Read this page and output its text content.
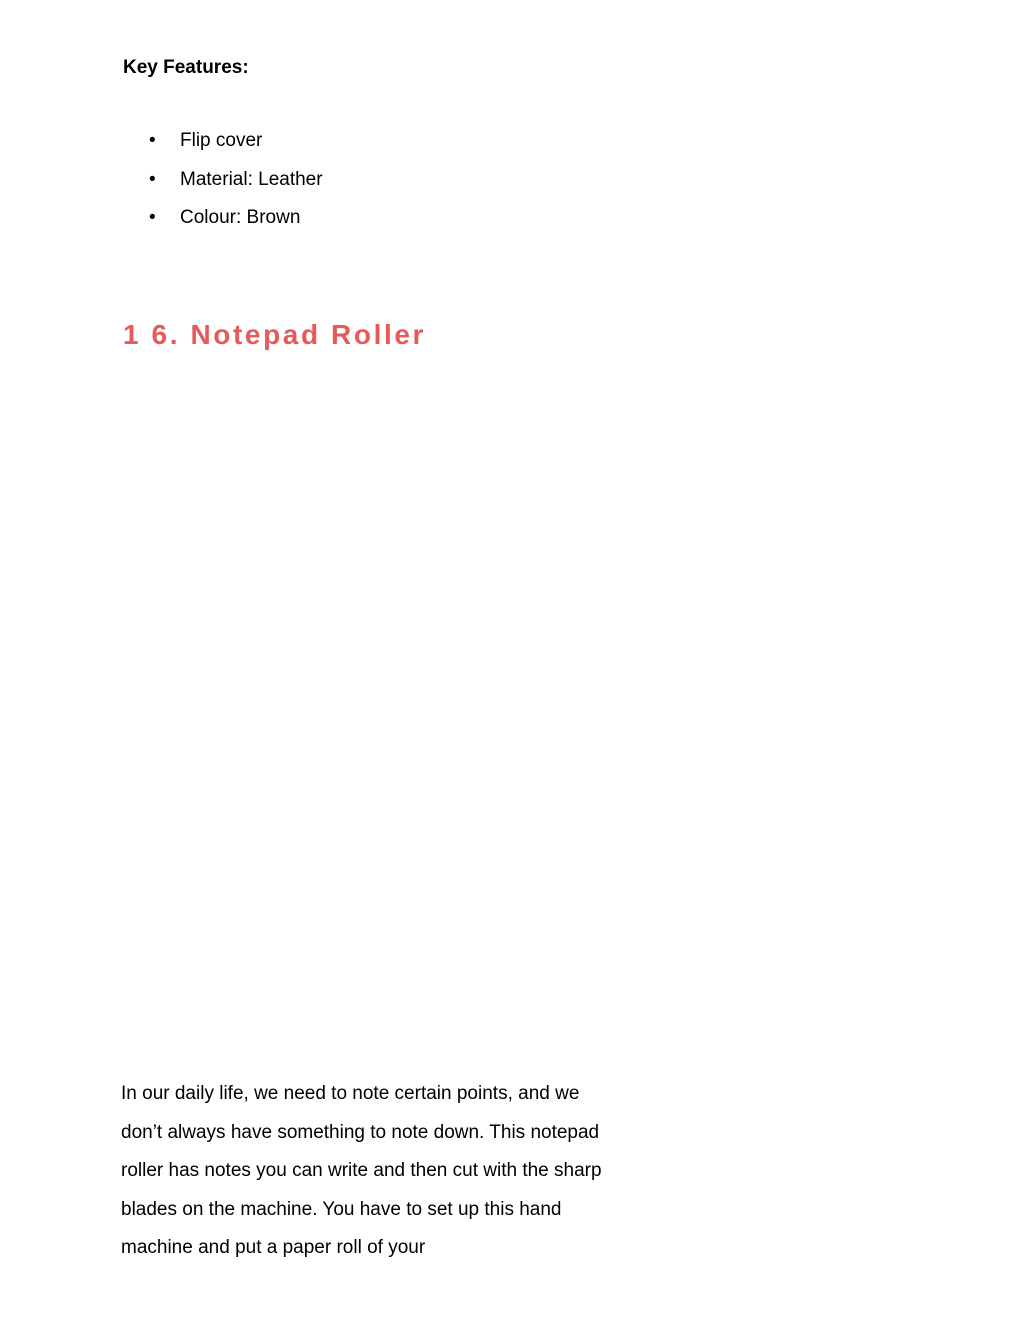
Key Features:
• Flip cover
• Material: Leather
• Colour: Brown
1 6. Notepad Roller

In our daily life, we need to note certain points, and we
don’t always have something to note down. This notepad
roller has notes you can write and then cut with the sharp
blades on the machine. You have to set up this hand
machine and put a paper roll of your
